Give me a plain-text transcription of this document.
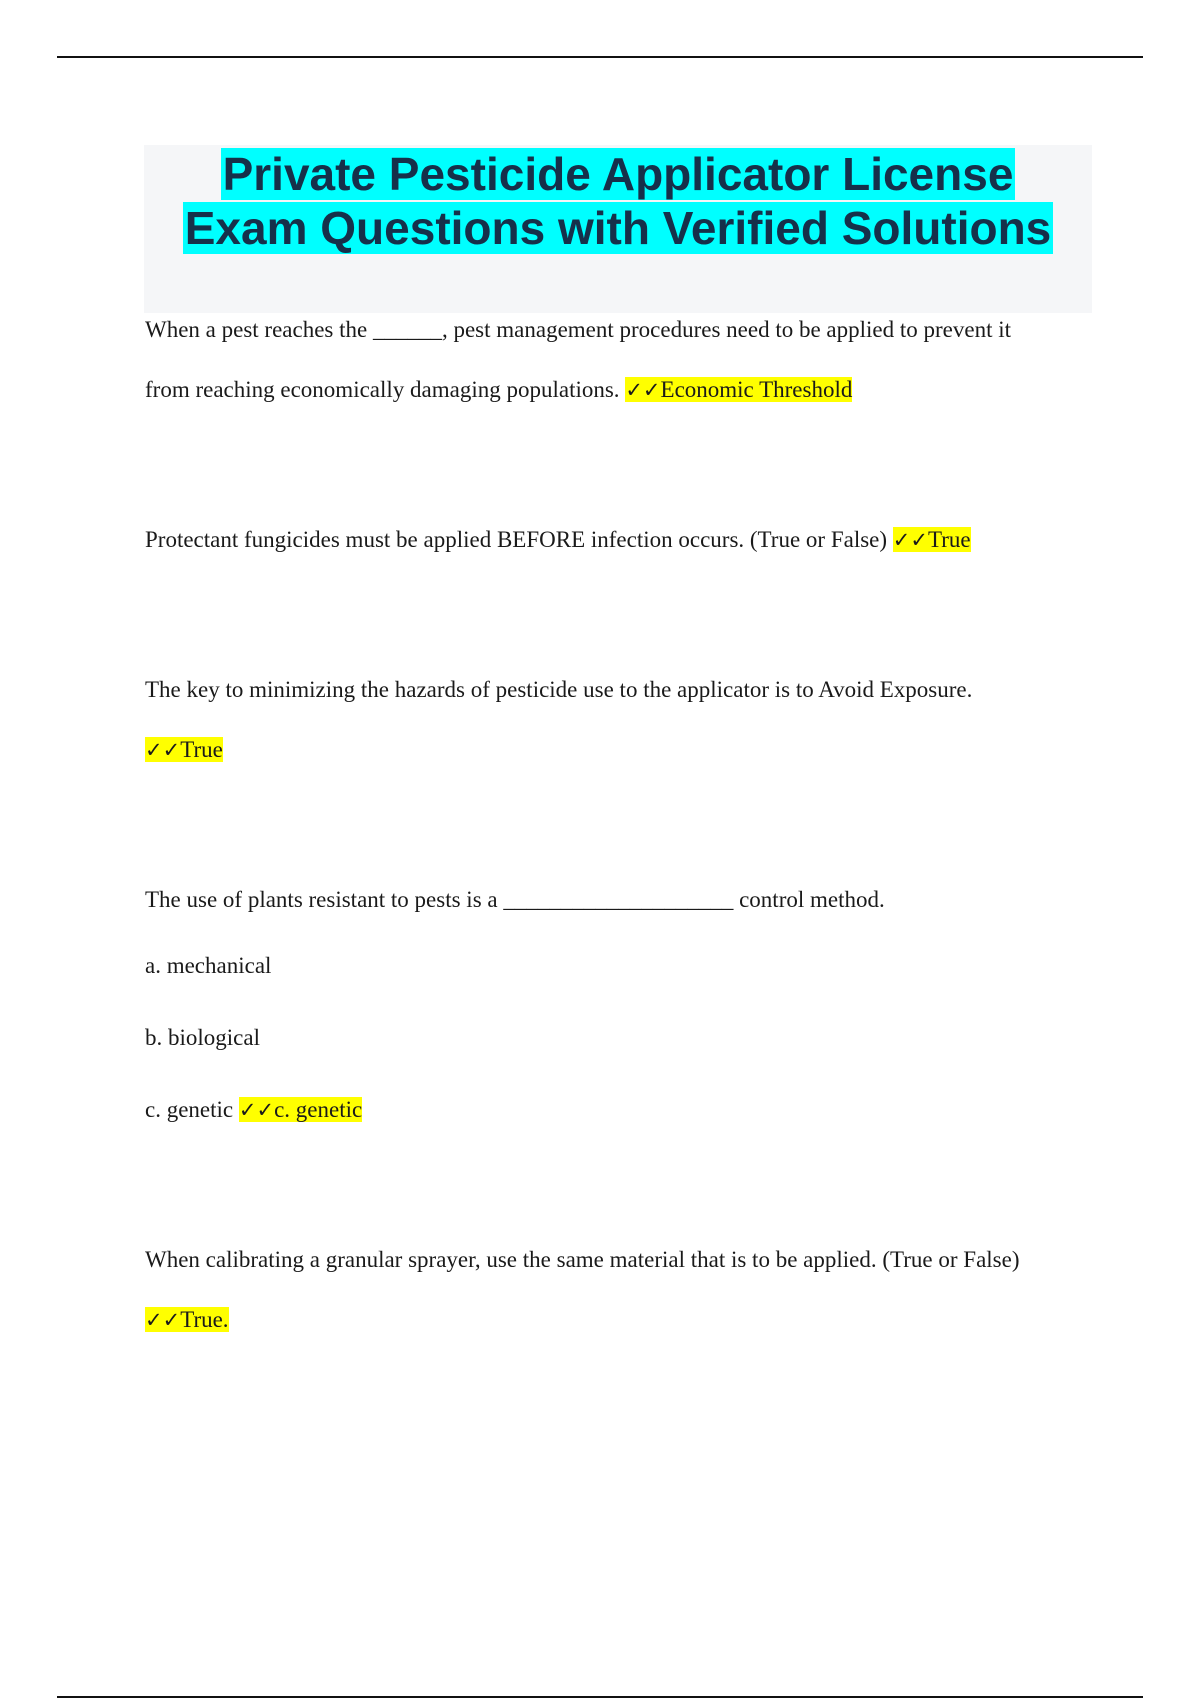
Private Pesticide Applicator License
Exam Questions with Verified Solutions

When a pest reaches the ______, pest management procedures need to be applied to prevent it

from reaching economically damaging populations. ✓✓Economic Threshold

Protectant fungicides must be applied BEFORE infection occurs. (True or False) ✓✓True

The key to minimizing the hazards of pesticide use to the applicator is to Avoid Exposure.

✓✓True

The use of plants resistant to pests is a ____________________ control method.

a. mechanical

b. biological

c. genetic ✓✓c. genetic

When calibrating a granular sprayer, use the same material that is to be applied. (True or False)

✓✓True.
